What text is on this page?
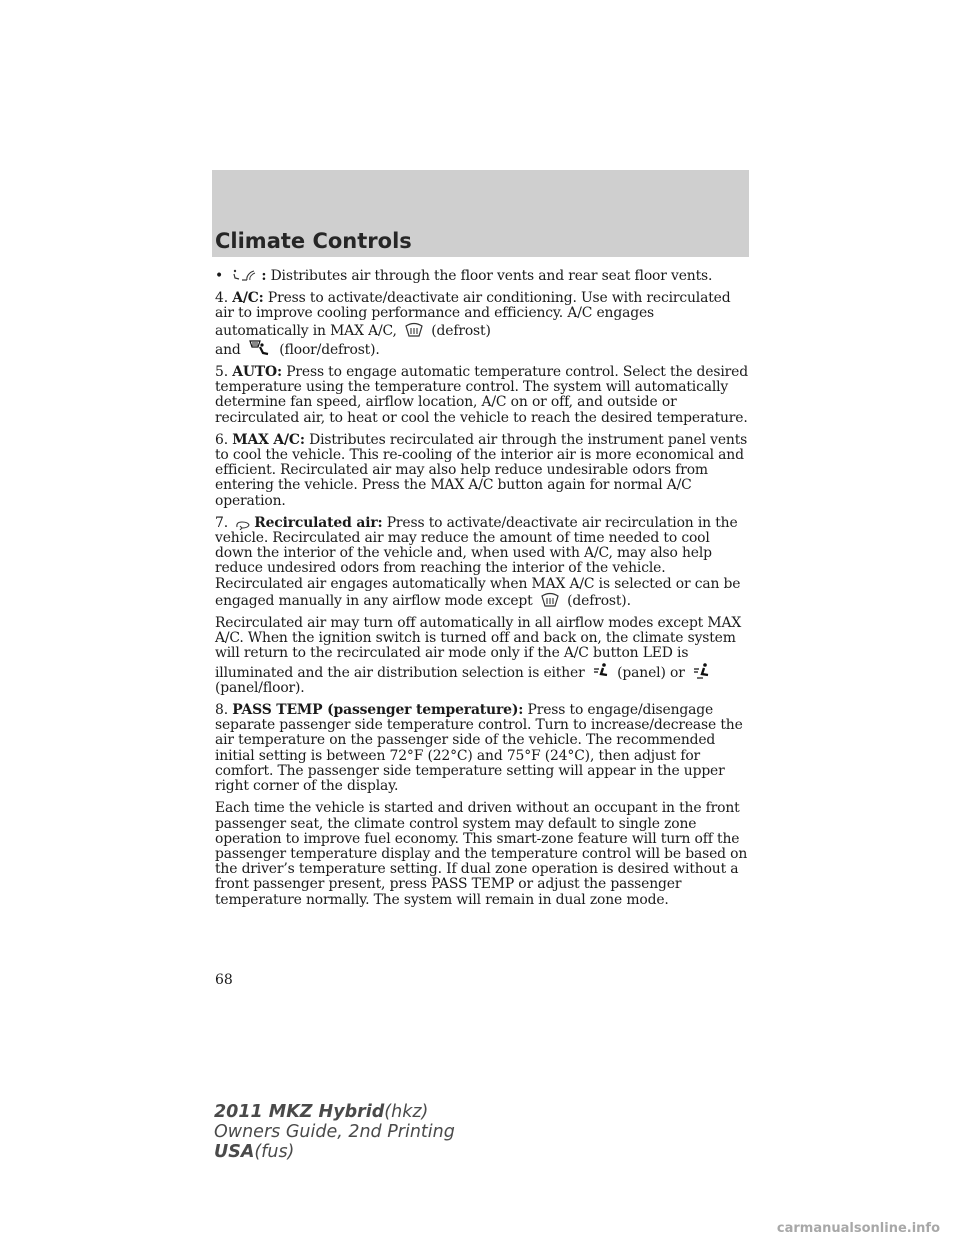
Climate Controls

•	: Distributes air through the floor vents and rear seat floor vents.

4. A/C: Press to activate/deactivate air conditioning. Use with recirculated air to improve cooling performance and efficiency. A/C engages automatically in MAX A/C, (defrost)
and	(floor/defrost).

5. AUTO: Press to engage automatic temperature control. Select the desired temperature using the temperature control. The system will automatically determine fan speed, airflow location, A/C on or off, and outside or recirculated air, to heat or cool the vehicle to reach the desired temperature.

6. MAX A/C: Distributes recirculated air through the instrument panel vents to cool the vehicle. This re-cooling of the interior air is more economical and efficient. Recirculated air may also help reduce undesirable odors from entering the vehicle. Press the MAX A/C button again for normal A/C operation.

7. Recirculated air: Press to activate/deactivate air recirculation in the vehicle. Recirculated air may reduce the amount of time needed to cool down the interior of the vehicle and, when used with A/C, may also help reduce undesired odors from reaching the interior of the vehicle. Recirculated air engages automatically when MAX A/C is selected or can be engaged manually in any airflow mode except (defrost).

Recirculated air may turn off automatically in all airflow modes except MAX A/C. When the ignition switch is turned off and back on, the climate system will return to the recirculated air mode only if the A/C button LED is illuminated and the air distribution selection is either (panel) or
(panel/floor).

8. PASS TEMP (passenger temperature): Press to engage/disengage separate passenger side temperature control. Turn to increase/decrease the air temperature on the passenger side of the vehicle. The recommended initial setting is between 72°F (22°C) and 75°F (24°C), then adjust for comfort. The passenger side temperature setting will appear in the upper right corner of the display.

Each time the vehicle is started and driven without an occupant in the front passenger seat, the climate control system may default to single zone operation to improve fuel economy. This smart-zone feature will turn off the passenger temperature display and the temperature control will be based on the driver’s temperature setting. If dual zone operation is desired without a front passenger present, press PASS TEMP or adjust the passenger temperature normally. The system will remain in dual zone mode.

68
2011 MKZ Hybrid(hkz)
Owners Guide, 2nd Printing
USA(fus)
carmanualsonline.info
